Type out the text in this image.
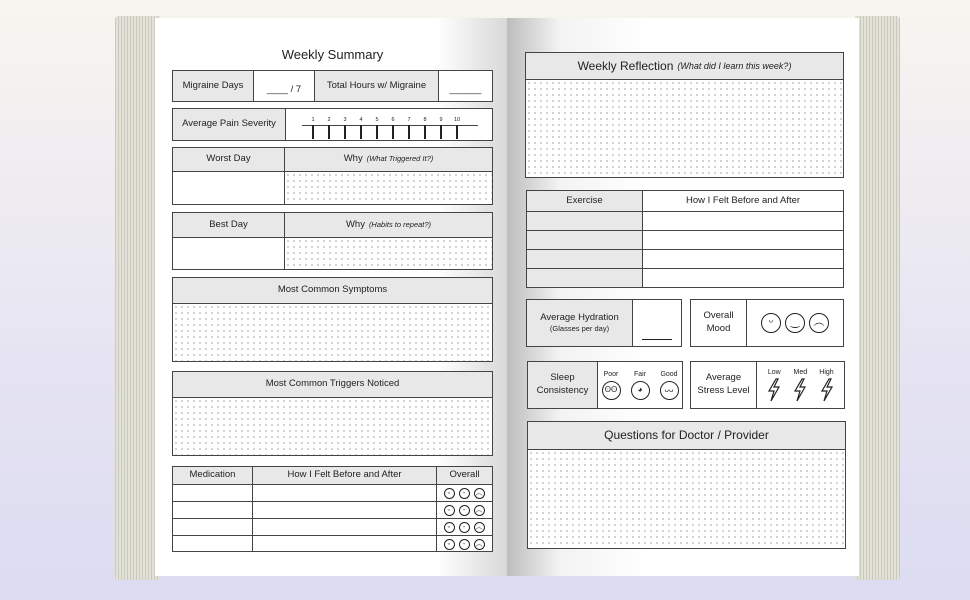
Weekly Summary
Migraine Days	____ / 7	Total Hours w/ Migraine	______
Average Pain Severity	1	2	3	4	5	6	7	8	9	10
Worst Day	Why (What Triggered It?)
Best Day	Why (Habits to repeat?)
Most Common Symptoms
Most Common Triggers Noticed
Medication	How I Felt Before and After	Overall
ᵕ	-	︵
ᵕ	-	︵
ᵕ	-	︵
ᵕ	-	︵
Weekly Reflection (What did I learn this week?)
Exercise	How I Felt Before and After
Average Hydration
(Glasses per day)
Overall Mood
ᵕ	‿	︵
Sleep Consistency
Poor
ʘʘ
Fair
◕
Good
ᴗᴗ
Average Stress Level
Low Med High
Questions for Doctor / Provider
